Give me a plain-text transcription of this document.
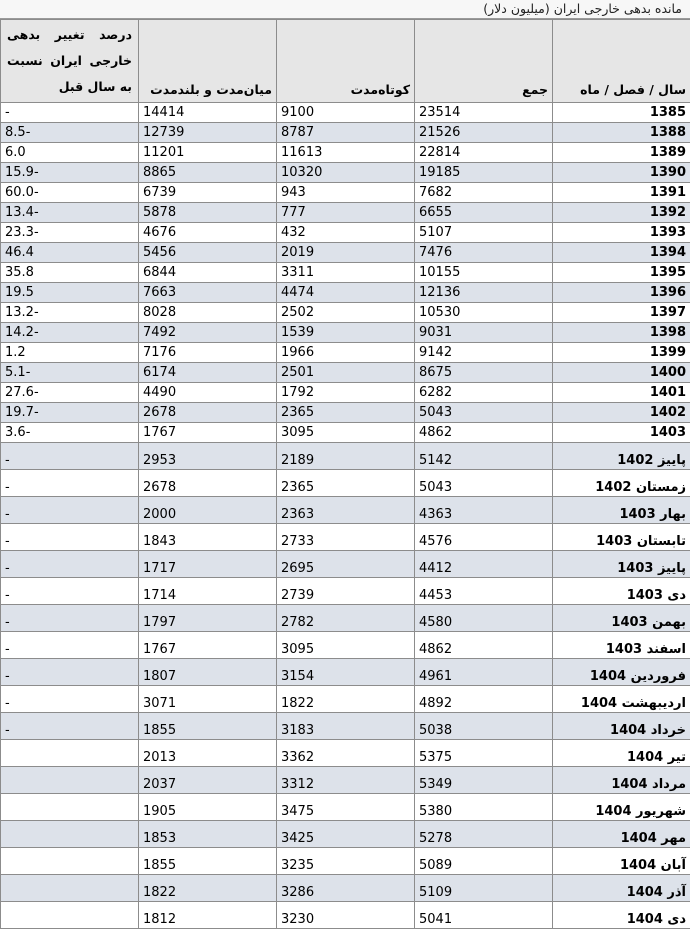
مانده بدهی خارجی ایران (میلیون دلار)
سال / فصل / ماه	جمع	کوتاه‌مدت	میان‌مدت و بلندمدت	درصد تغییر بدهی خارجی ایران نسبت به سال قبل
1385	23514	9100	14414	-
1388	21526	8787	12739	-8.5
1389	22814	11613	11201	6.0
1390	19185	10320	8865	-15.9
1391	7682	943	6739	-60.0
1392	6655	777	5878	-13.4
1393	5107	432	4676	-23.3
1394	7476	2019	5456	46.4
1395	10155	3311	6844	35.8
1396	12136	4474	7663	19.5
1397	10530	2502	8028	-13.2
1398	9031	1539	7492	-14.2
1399	9142	1966	7176	1.2
1400	8675	2501	6174	-5.1
1401	6282	1792	4490	-27.6
1402	5043	2365	2678	-19.7
1403	4862	3095	1767	-3.6
پاییز 1402	5142	2189	2953	-
زمستان 1402	5043	2365	2678	-
بهار 1403	4363	2363	2000	-
تابستان 1403	4576	2733	1843	-
پاییز 1403	4412	2695	1717	-
دی 1403	4453	2739	1714	-
بهمن 1403	4580	2782	1797	-
اسفند 1403	4862	3095	1767	-
فروردین 1404	4961	3154	1807	-
اردیبهشت 1404	4892	1822	3071	-
خرداد 1404	5038	3183	1855	-
تیر 1404	5375	3362	2013	
مرداد 1404	5349	3312	2037	
شهریور 1404	5380	3475	1905	
مهر 1404	5278	3425	1853	
آبان 1404	5089	3235	1855	
آذر 1404	5109	3286	1822	
دی 1404	5041	3230	1812	
